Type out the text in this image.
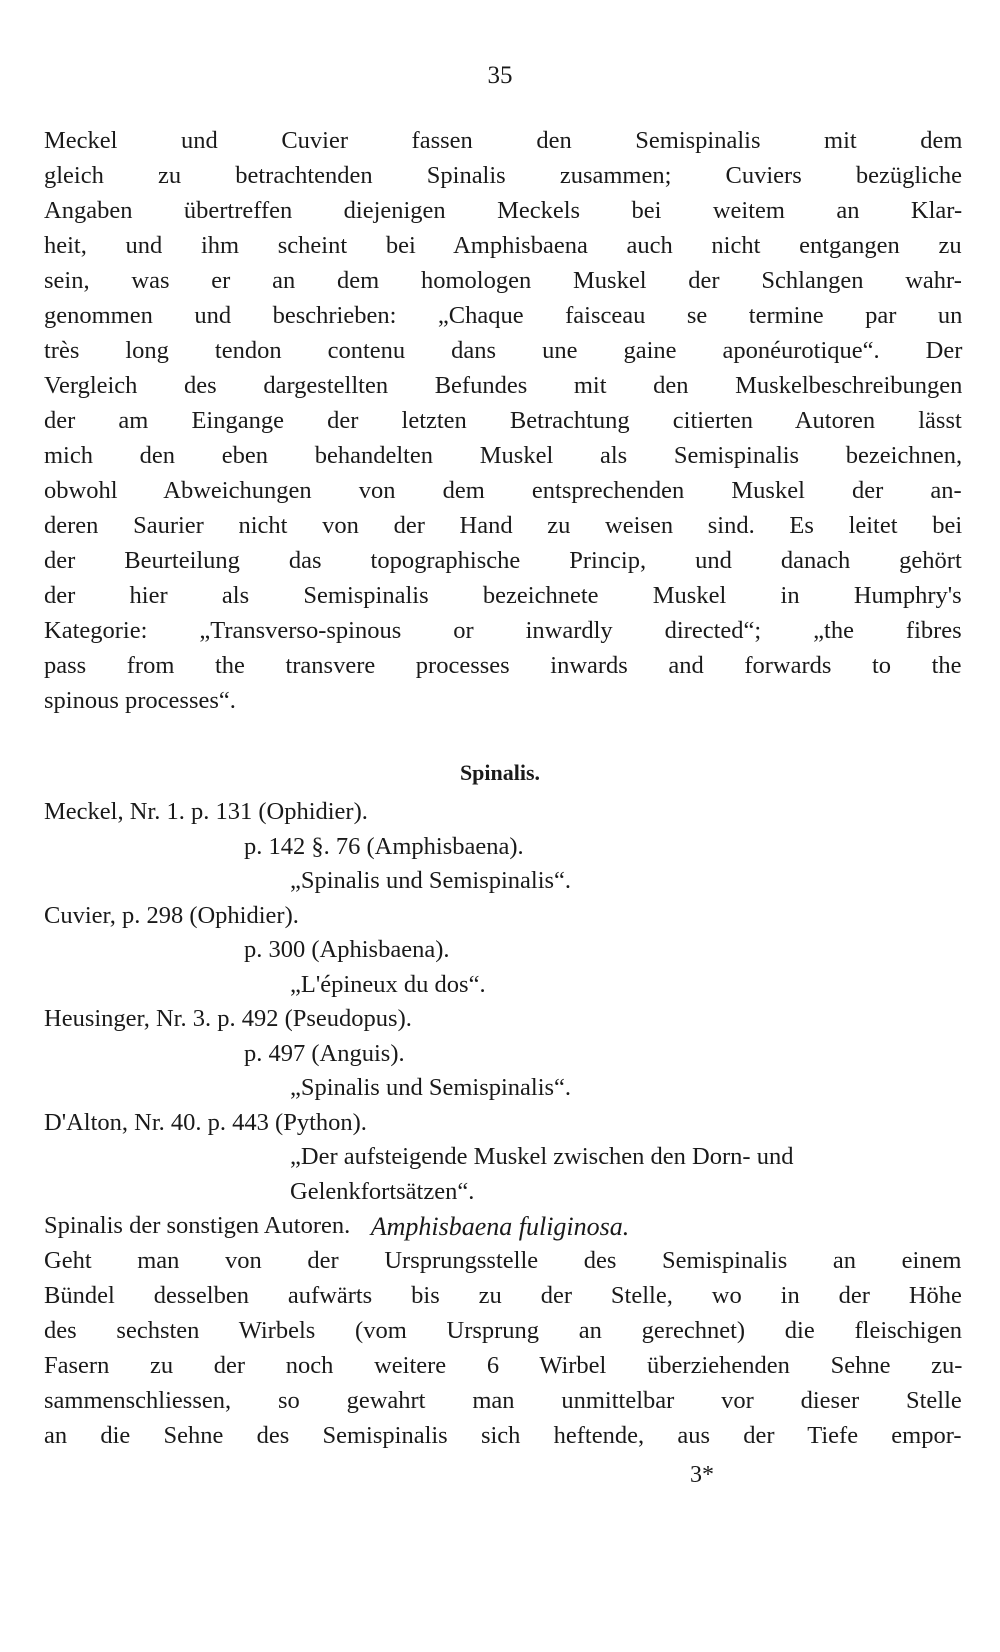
35
Meckel und Cuvier fassen den Semispinalis mit dem
gleich zu betrachtenden Spinalis zusammen; Cuviers bezügliche
Angaben übertreffen diejenigen Meckels bei weitem an Klar-
heit, und ihm scheint bei Amphisbaena auch nicht entgangen zu
sein, was er an dem homologen Muskel der Schlangen wahr-
genommen und beschrieben: „Chaque faisceau se termine par un
très long tendon contenu dans une gaine aponéurotique“. Der
Vergleich des dargestellten Befundes mit den Muskelbeschreibungen
der am Eingange der letzten Betrachtung citierten Autoren lässt
mich den eben behandelten Muskel als Semispinalis bezeichnen,
obwohl Abweichungen von dem entsprechenden Muskel der an-
deren Saurier nicht von der Hand zu weisen sind. Es leitet bei
der Beurteilung das topographische Princip, und danach gehört
der hier als Semispinalis bezeichnete Muskel in Humphry's
Kategorie: „Transverso-spinous or inwardly directed“; „the fibres
pass from the transvere processes inwards and forwards to the
spinous processes“.
Spinalis.
Meckel, Nr. 1. p. 131 (Ophidier).
p. 142 §. 76 (Amphisbaena).
„Spinalis und Semispinalis“.
Cuvier, p. 298 (Ophidier).
p. 300 (Aphisbaena).
„L'épineux du dos“.
Heusinger, Nr. 3. p. 492 (Pseudopus).
p. 497 (Anguis).
„Spinalis und Semispinalis“.
D'Alton, Nr. 40. p. 443 (Python).
„Der aufsteigende Muskel zwischen den Dorn- und
Gelenkfortsätzen“.
Spinalis der sonstigen Autoren. Amphisbaena fuliginosa.
Geht man von der Ursprungsstelle des Semispinalis an einem
Bündel desselben aufwärts bis zu der Stelle, wo in der Höhe
des sechsten Wirbels (vom Ursprung an gerechnet) die fleischigen
Fasern zu der noch weitere 6 Wirbel überziehenden Sehne zu-
sammenschliessen, so gewahrt man unmittelbar vor dieser Stelle
an die Sehne des Semispinalis sich heftende, aus der Tiefe empor-
3*
